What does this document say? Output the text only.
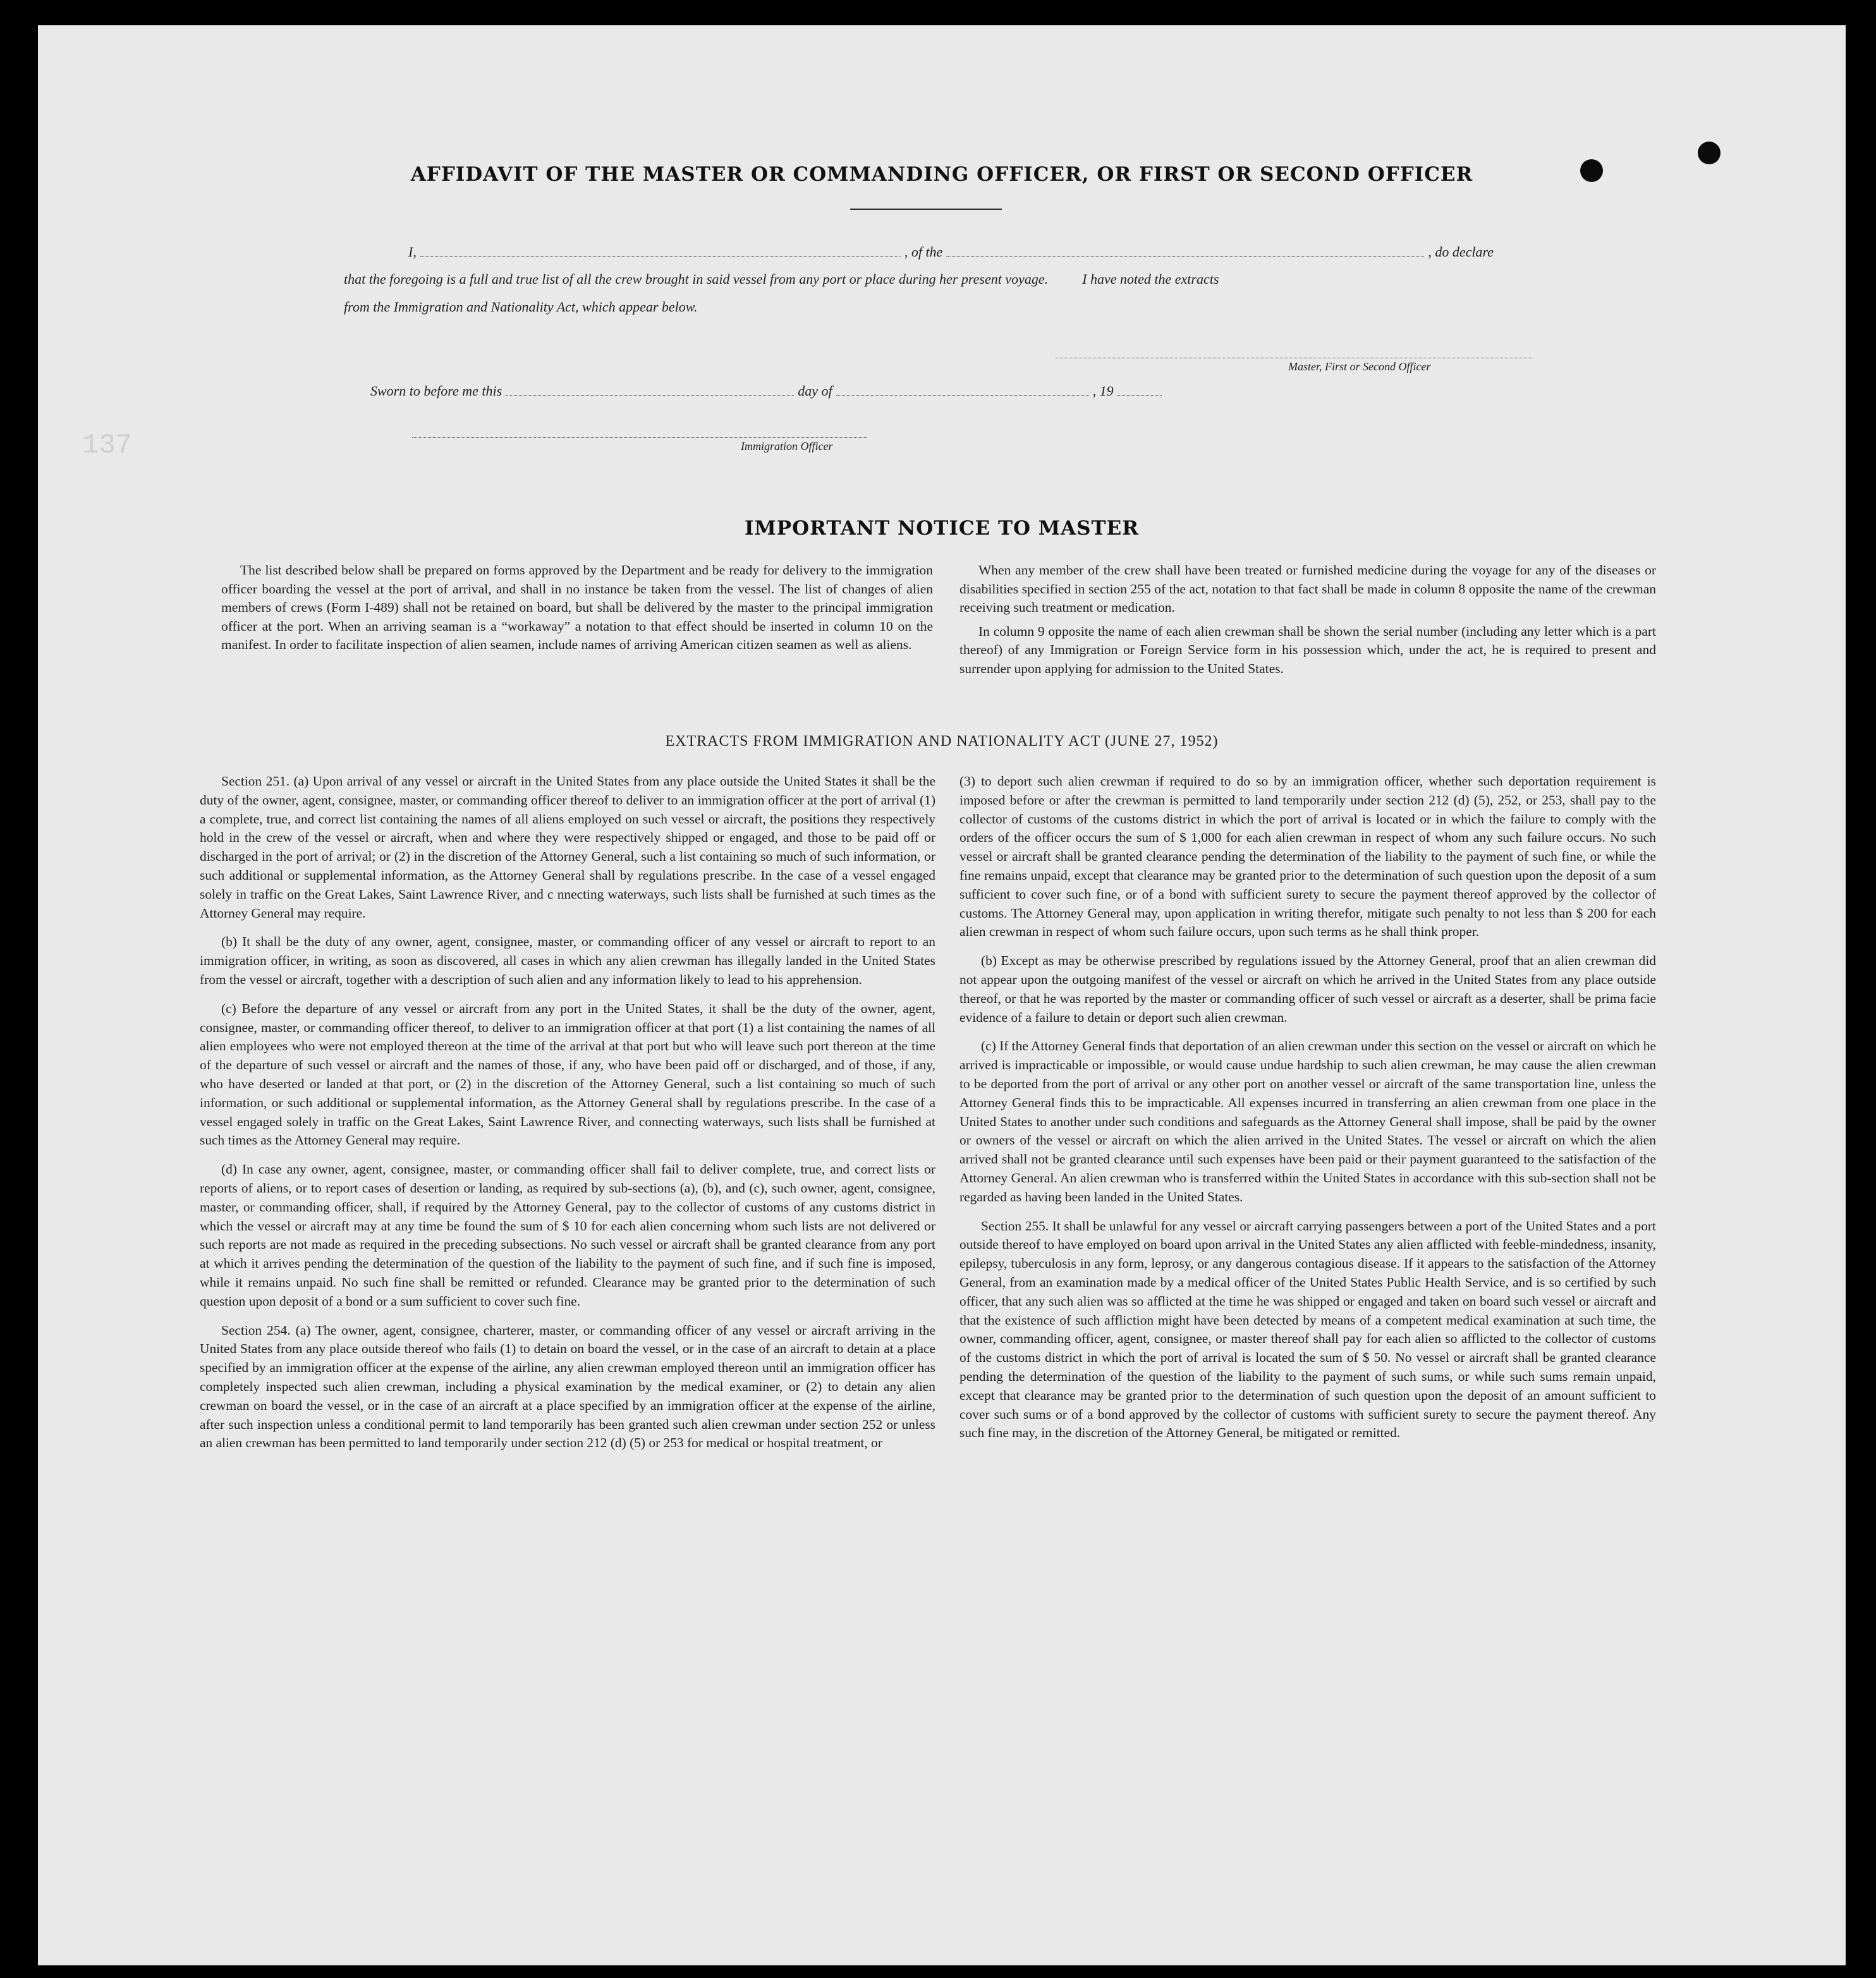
137
AFFIDAVIT OF THE MASTER OR COMMANDING OFFICER, OR FIRST OR SECOND OFFICER
I,	, of the	, do declare
that the foregoing is a full and true list of all the crew brought in said vessel from any port or place during her present voyage. I have noted the extracts
from the Immigration and Nationality Act, which appear below.
Master, First or Second Officer
Sworn to before me this	day of	, 19
Immigration Officer
IMPORTANT NOTICE TO MASTER

The list described below shall be prepared on forms approved by the Department and be ready for delivery to the immigration officer boarding the vessel at the port of arrival, and shall in no instance be taken from the vessel. The list of changes of alien members of crews (Form I-489) shall not be retained on board, but shall be delivered by the master to the principal immigration officer at the port. When an arriving seaman is a “workaway” a notation to that effect should be inserted in column 10 on the manifest. In order to facilitate inspection of alien seamen, include names of arriving American citizen seamen as well as aliens.

When any member of the crew shall have been treated or furnished medicine during the voyage for any of the diseases or disabilities specified in section 255 of the act, notation to that fact shall be made in column 8 opposite the name of the crewman receiving such treatment or medication.

In column 9 opposite the name of each alien crewman shall be shown the serial number (including any letter which is a part thereof) of any Immigration or Foreign Service form in his possession which, under the act, he is required to present and surrender upon applying for admission to the United States.

EXTRACTS FROM IMMIGRATION AND NATIONALITY ACT (JUNE 27, 1952)

Section 251. (a) Upon arrival of any vessel or aircraft in the United States from any place outside the United States it shall be the duty of the owner, agent, consignee, master, or commanding officer thereof to deliver to an immigration officer at the port of arrival (1) a complete, true, and correct list containing the names of all aliens employed on such vessel or aircraft, the positions they respectively hold in the crew of the vessel or aircraft, when and where they were respectively shipped or engaged, and those to be paid off or discharged in the port of arrival; or (2) in the discretion of the Attorney General, such a list containing so much of such information, or such additional or supplemental information, as the Attorney General shall by regulations prescribe. In the case of a vessel engaged solely in traffic on the Great Lakes, Saint Lawrence River, and c nnecting waterways, such lists shall be furnished at such times as the Attorney General may require.

(b) It shall be the duty of any owner, agent, consignee, master, or commanding officer of any vessel or aircraft to report to an immigration officer, in writing, as soon as discovered, all cases in which any alien crewman has illegally landed in the United States from the vessel or aircraft, together with a description of such alien and any information likely to lead to his apprehension.

(c) Before the departure of any vessel or aircraft from any port in the United States, it shall be the duty of the owner, agent, consignee, master, or commanding officer thereof, to deliver to an immigration officer at that port (1) a list containing the names of all alien employees who were not employed thereon at the time of the arrival at that port but who will leave such port thereon at the time of the departure of such vessel or aircraft and the names of those, if any, who have been paid off or discharged, and of those, if any, who have deserted or landed at that port, or (2) in the discretion of the Attorney General, such a list containing so much of such information, or such additional or supplemental information, as the Attorney General shall by regulations prescribe. In the case of a vessel engaged solely in traffic on the Great Lakes, Saint Lawrence River, and connecting waterways, such lists shall be furnished at such times as the Attorney General may require.

(d) In case any owner, agent, consignee, master, or commanding officer shall fail to deliver complete, true, and correct lists or reports of aliens, or to report cases of desertion or landing, as required by sub-sections (a), (b), and (c), such owner, agent, consignee, master, or commanding officer, shall, if required by the Attorney General, pay to the collector of customs of any customs district in which the vessel or aircraft may at any time be found the sum of $ 10 for each alien concerning whom such lists are not delivered or such reports are not made as required in the preceding subsections. No such vessel or aircraft shall be granted clearance from any port at which it arrives pending the determination of the question of the liability to the payment of such fine, and if such fine is imposed, while it remains unpaid. No such fine shall be remitted or refunded. Clearance may be granted prior to the determination of such question upon deposit of a bond or a sum sufficient to cover such fine.

Section 254. (a) The owner, agent, consignee, charterer, master, or commanding officer of any vessel or aircraft arriving in the United States from any place outside thereof who fails (1) to detain on board the vessel, or in the case of an aircraft to detain at a place specified by an immigration officer at the expense of the airline, any alien crewman employed thereon until an immigration officer has completely inspected such alien crewman, including a physical examination by the medical examiner, or (2) to detain any alien crewman on board the vessel, or in the case of an aircraft at a place specified by an immigration officer at the expense of the airline, after such inspection unless a conditional permit to land temporarily has been granted such alien crewman under section 252 or unless an alien crewman has been permitted to land temporarily under section 212 (d) (5) or 253 for medical or hospital treatment, or

(3) to deport such alien crewman if required to do so by an immigration officer, whether such deportation requirement is imposed before or after the crewman is permitted to land temporarily under section 212 (d) (5), 252, or 253, shall pay to the collector of customs of the customs district in which the port of arrival is located or in which the failure to comply with the orders of the officer occurs the sum of $ 1,000 for each alien crewman in respect of whom any such failure occurs. No such vessel or aircraft shall be granted clearance pending the determination of the liability to the payment of such fine, or while the fine remains unpaid, except that clearance may be granted prior to the determination of such question upon the deposit of a sum sufficient to cover such fine, or of a bond with sufficient surety to secure the payment thereof approved by the collector of customs. The Attorney General may, upon application in writing therefor, mitigate such penalty to not less than $ 200 for each alien crewman in respect of whom such failure occurs, upon such terms as he shall think proper.

(b) Except as may be otherwise prescribed by regulations issued by the Attorney General, proof that an alien crewman did not appear upon the outgoing manifest of the vessel or aircraft on which he arrived in the United States from any place outside thereof, or that he was reported by the master or commanding officer of such vessel or aircraft as a deserter, shall be prima facie evidence of a failure to detain or deport such alien crewman.

(c) If the Attorney General finds that deportation of an alien crewman under this section on the vessel or aircraft on which he arrived is impracticable or impossible, or would cause undue hardship to such alien crewman, he may cause the alien crewman to be deported from the port of arrival or any other port on another vessel or aircraft of the same transportation line, unless the Attorney General finds this to be impracticable. All expenses incurred in transferring an alien crewman from one place in the United States to another under such conditions and safeguards as the Attorney General shall impose, shall be paid by the owner or owners of the vessel or aircraft on which the alien arrived in the United States. The vessel or aircraft on which the alien arrived shall not be granted clearance until such expenses have been paid or their payment guaranteed to the satisfaction of the Attorney General. An alien crewman who is transferred within the United States in accordance with this sub-section shall not be regarded as having been landed in the United States.

Section 255. It shall be unlawful for any vessel or aircraft carrying passengers between a port of the United States and a port outside thereof to have employed on board upon arrival in the United States any alien afflicted with feeble-mindedness, insanity, epilepsy, tuberculosis in any form, leprosy, or any dangerous contagious disease. If it appears to the satisfaction of the Attorney General, from an examination made by a medical officer of the United States Public Health Service, and is so certified by such officer, that any such alien was so afflicted at the time he was shipped or engaged and taken on board such vessel or aircraft and that the existence of such affliction might have been detected by means of a competent medical examination at such time, the owner, commanding officer, agent, consignee, or master thereof shall pay for each alien so afflicted to the collector of customs of the customs district in which the port of arrival is located the sum of $ 50. No vessel or aircraft shall be granted clearance pending the determination of the question of the liability to the payment of such sums, or while such sums remain unpaid, except that clearance may be granted prior to the determination of such question upon the deposit of an amount sufficient to cover such sums or of a bond approved by the collector of customs with sufficient surety to secure the payment thereof. Any such fine may, in the discretion of the Attorney General, be mitigated or remitted.
